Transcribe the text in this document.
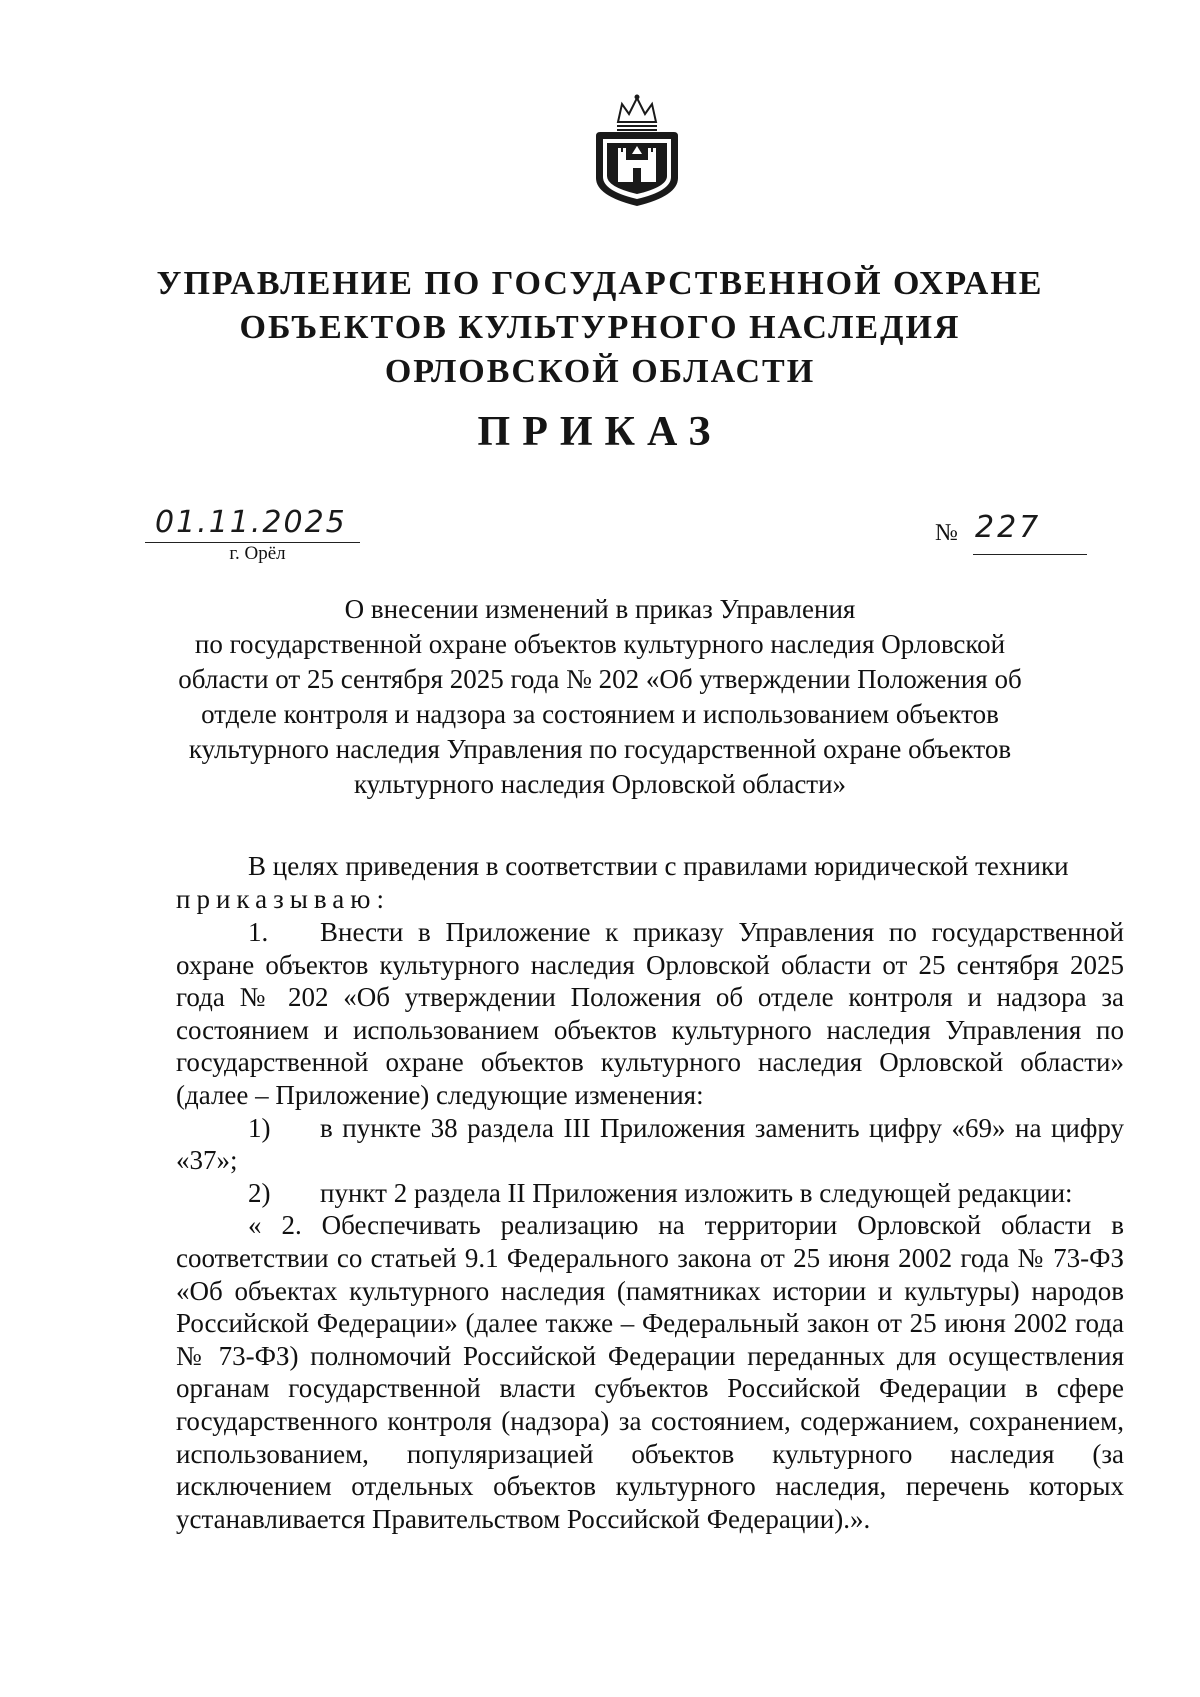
УПРАВЛЕНИЕ ПО ГОСУДАРСТВЕННОЙ ОХРАНЕ
ОБЪЕКТОВ КУЛЬТУРНОГО НАСЛЕДИЯ
ОРЛОВСКОЙ ОБЛАСТИ
ПРИКАЗ
01.11.2025
г. Орёл
№ 227
О внесении изменений в приказ Управления
по государственной охране объектов культурного наследия Орловской
области от 25 сентября 2025 года № 202 «Об утверждении Положения об
отделе контроля и надзора за состоянием и использованием объектов
культурного наследия Управления по государственной охране объектов
культурного наследия Орловской области»
В целях приведения в соответствии с правилами юридической техники
приказываю:
1. Внести в Приложение к приказу Управления по государственной охране объектов культурного наследия Орловской области от 25 сентября 2025 года № 202 «Об утверждении Положения об отделе контроля и надзора за состоянием и использованием объектов культурного наследия Управления по государственной охране объектов культурного наследия Орловской области» (далее – Приложение) следующие изменения:
1) в пункте 38 раздела III Приложения заменить цифру «69» на цифру «37»;
2) пункт 2 раздела II Приложения изложить в следующей редакции:
« 2. Обеспечивать реализацию на территории Орловской области в соответствии со статьей 9.1 Федерального закона от 25 июня 2002 года № 73-ФЗ «Об объектах культурного наследия (памятниках истории и культуры) народов Российской Федерации» (далее также – Федеральный закон от 25 июня 2002 года № 73-ФЗ) полномочий Российской Федерации переданных для осуществления органам государственной власти субъектов Российской Федерации в сфере государственного контроля (надзора) за состоянием, содержанием, сохранением, использованием, популяризацией объектов культурного наследия (за исключением отдельных объектов культурного наследия, перечень которых устанавливается Правительством Российской Федерации).».
